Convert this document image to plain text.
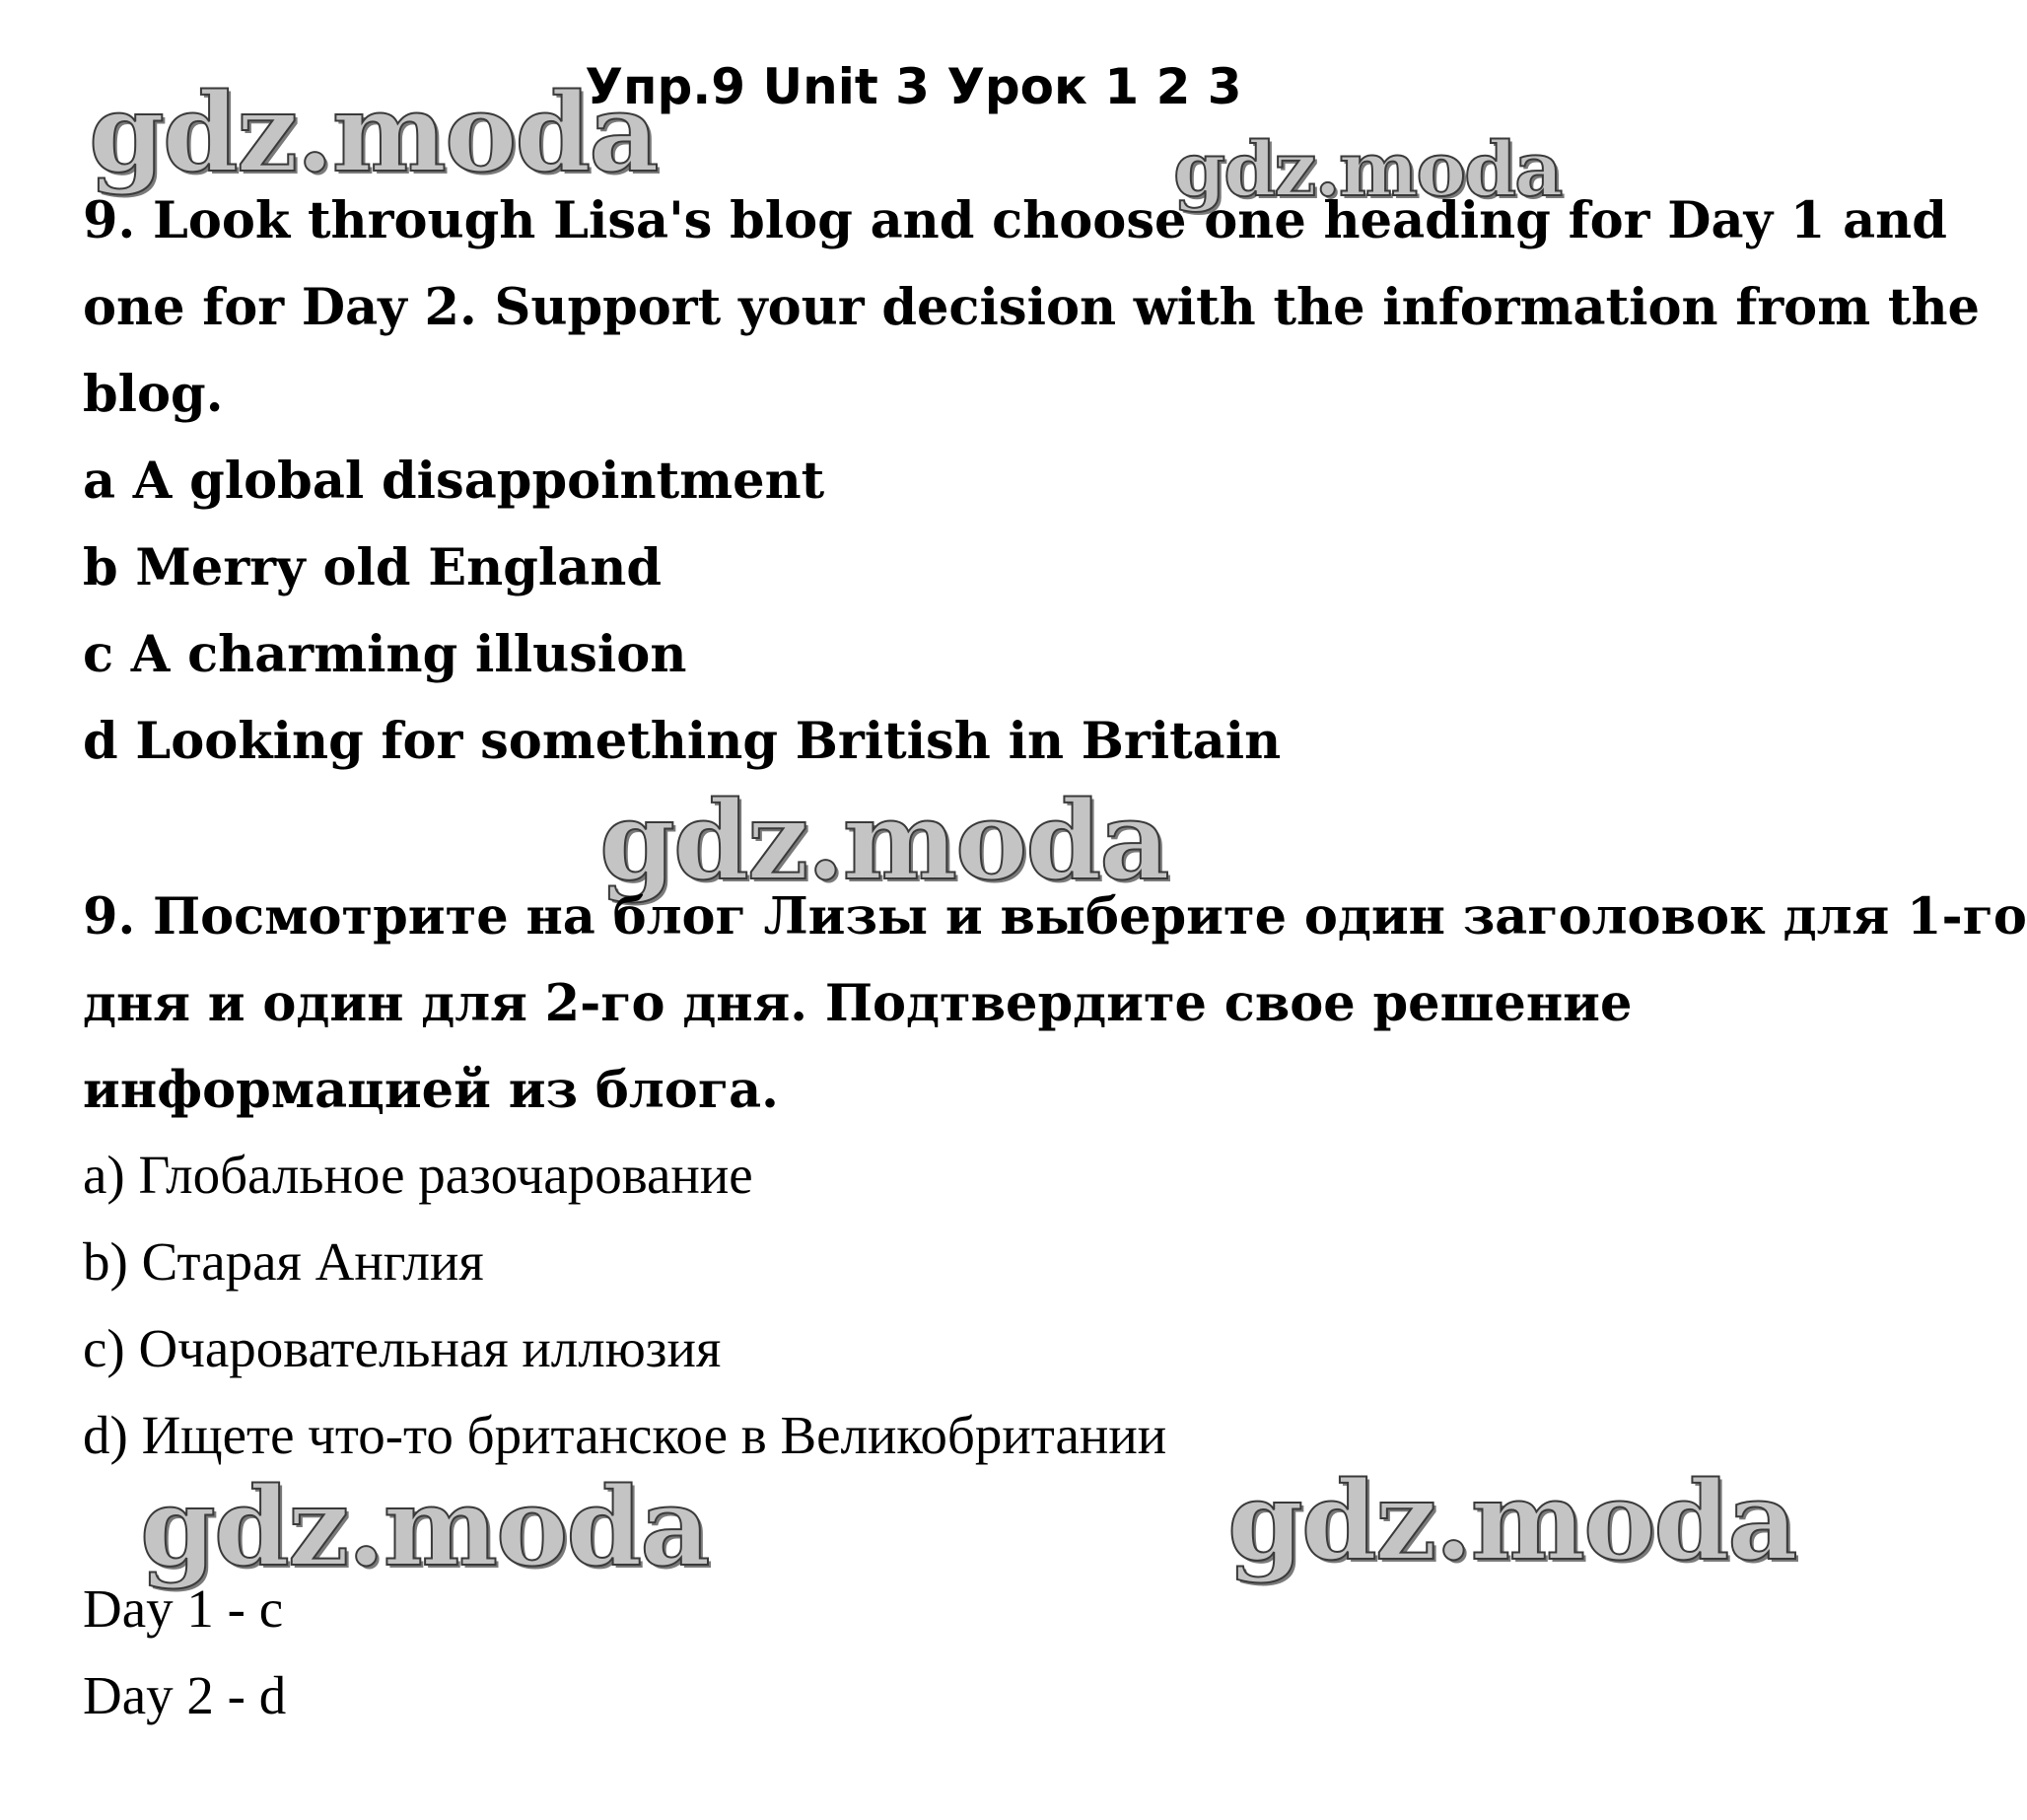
Упр.9 Unit 3 Урок 1 2 3
gdz.moda	gdz.moda
gdz.moda
gdz.moda	gdz.moda
9. Look through Lisa's blog and choose one heading for Day 1 and
one for Day 2. Support your decision with the information from the
blog.
a A global disappointment
b Merry old England
c A charming illusion
d Looking for something British in Britain
9. Посмотрите на блог Лизы и выберите один заголовок для 1-го
дня и один для 2-го дня. Подтвердите свое решение
информацией из блога.
a) Глобальное разочарование
b) Старая Англия
c) Очаровательная иллюзия
d) Ищете что-то британское в Великобритании
Day 1 - c
Day 2 - d
